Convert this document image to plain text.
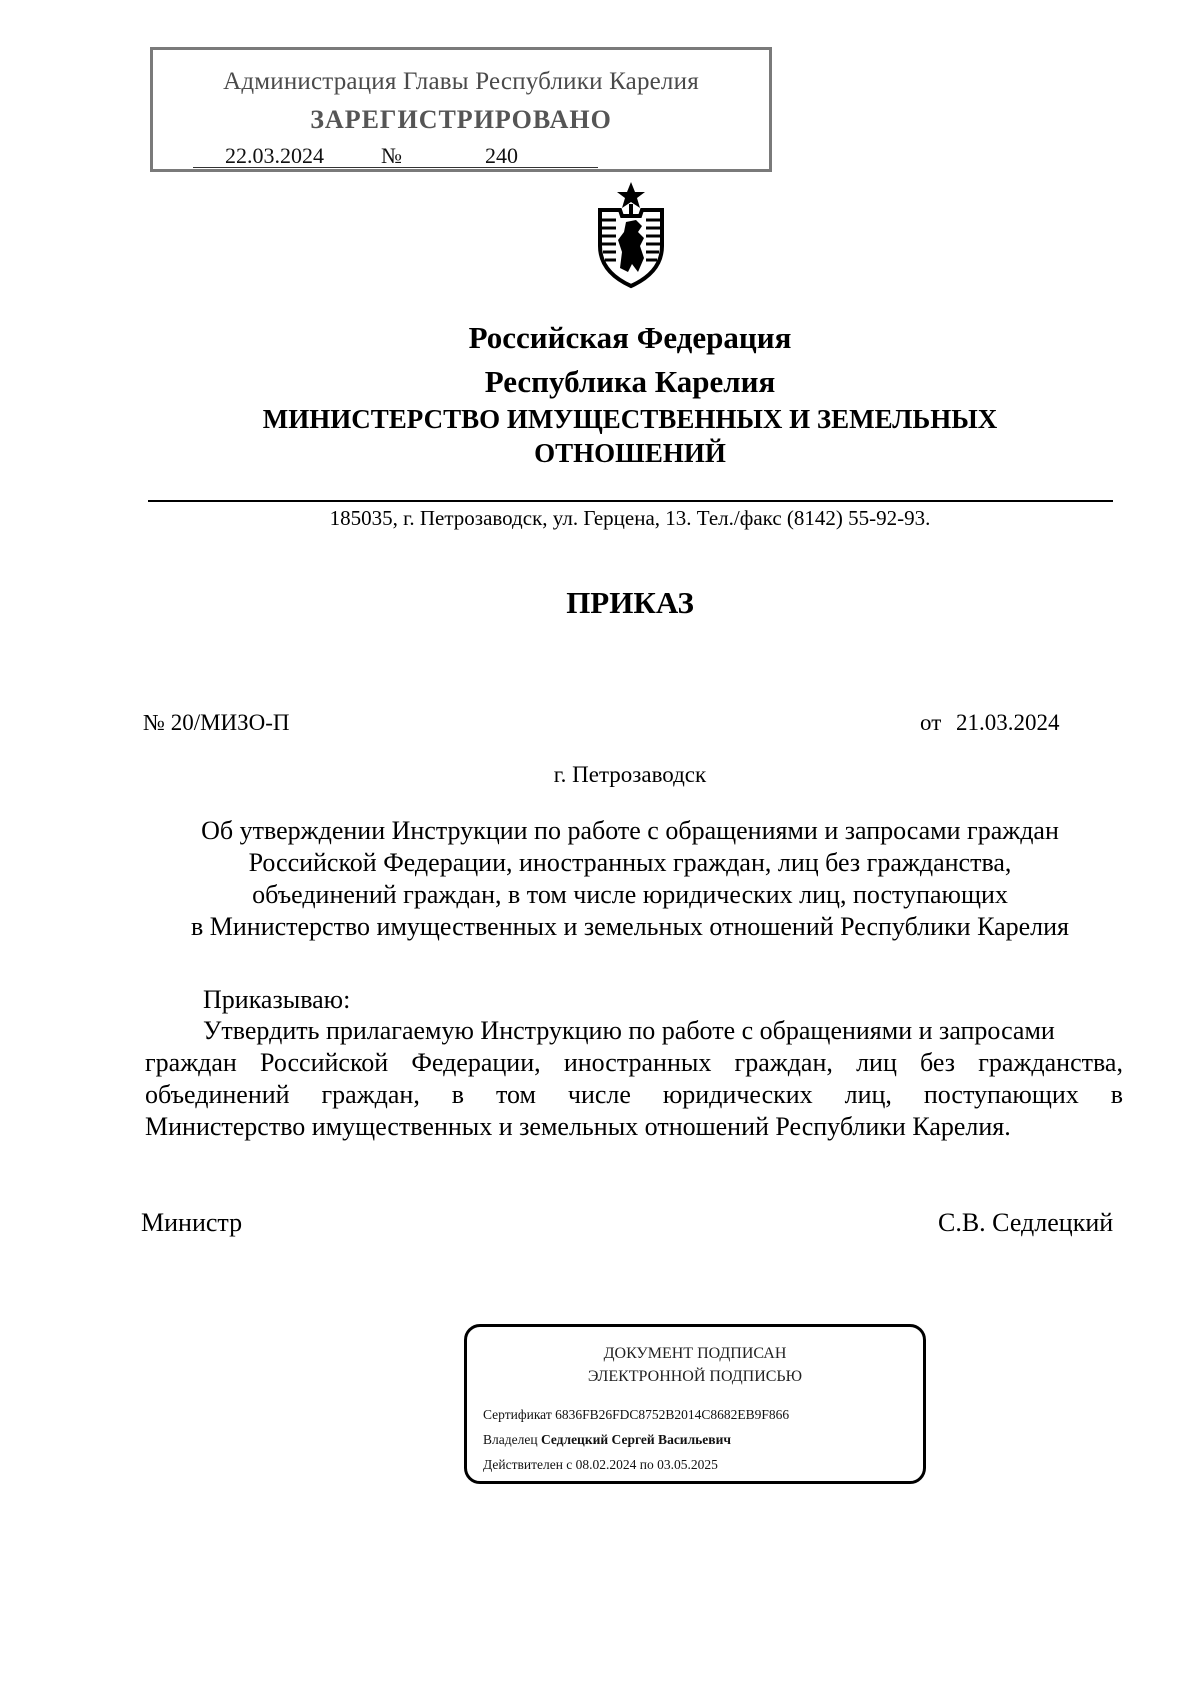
Администрация Главы Республики Карелия
ЗАРЕГИСТРИРОВАНО
22.03.2024	№	240
Российская Федерация
Республика Карелия
МИНИСТЕРСТВО ИМУЩЕСТВЕННЫХ И ЗЕМЕЛЬНЫХ
ОТНОШЕНИЙ
185035, г. Петрозаводск, ул. Герцена, 13. Тел./факс (8142) 55-92-93.
ПРИКАЗ
№ 20/МИЗО-П	от 21.03.2024
г. Петрозаводск
Об утверждении Инструкции по работе с обращениями и запросами граждан
Российской Федерации, иностранных граждан, лиц без гражданства,
объединений граждан, в том числе юридических лиц, поступающих
в Министерство имущественных и земельных отношений Республики Карелия
Приказываю:
Утвердить прилагаемую Инструкцию по работе с обращениями и запросами
граждан Российской Федерации, иностранных граждан, лиц без гражданства,
объединений граждан, в том числе юридических лиц, поступающих в
Министерство имущественных и земельных отношений Республики Карелия.
Министр	С.В. Седлецкий
ДОКУМЕНТ ПОДПИСАН
ЭЛЕКТРОННОЙ ПОДПИСЬЮ
Сертификат 6836FB26FDC8752B2014C8682EB9F866
Владелец Седлецкий Сергей Васильевич
Действителен с 08.02.2024 по 03.05.2025
